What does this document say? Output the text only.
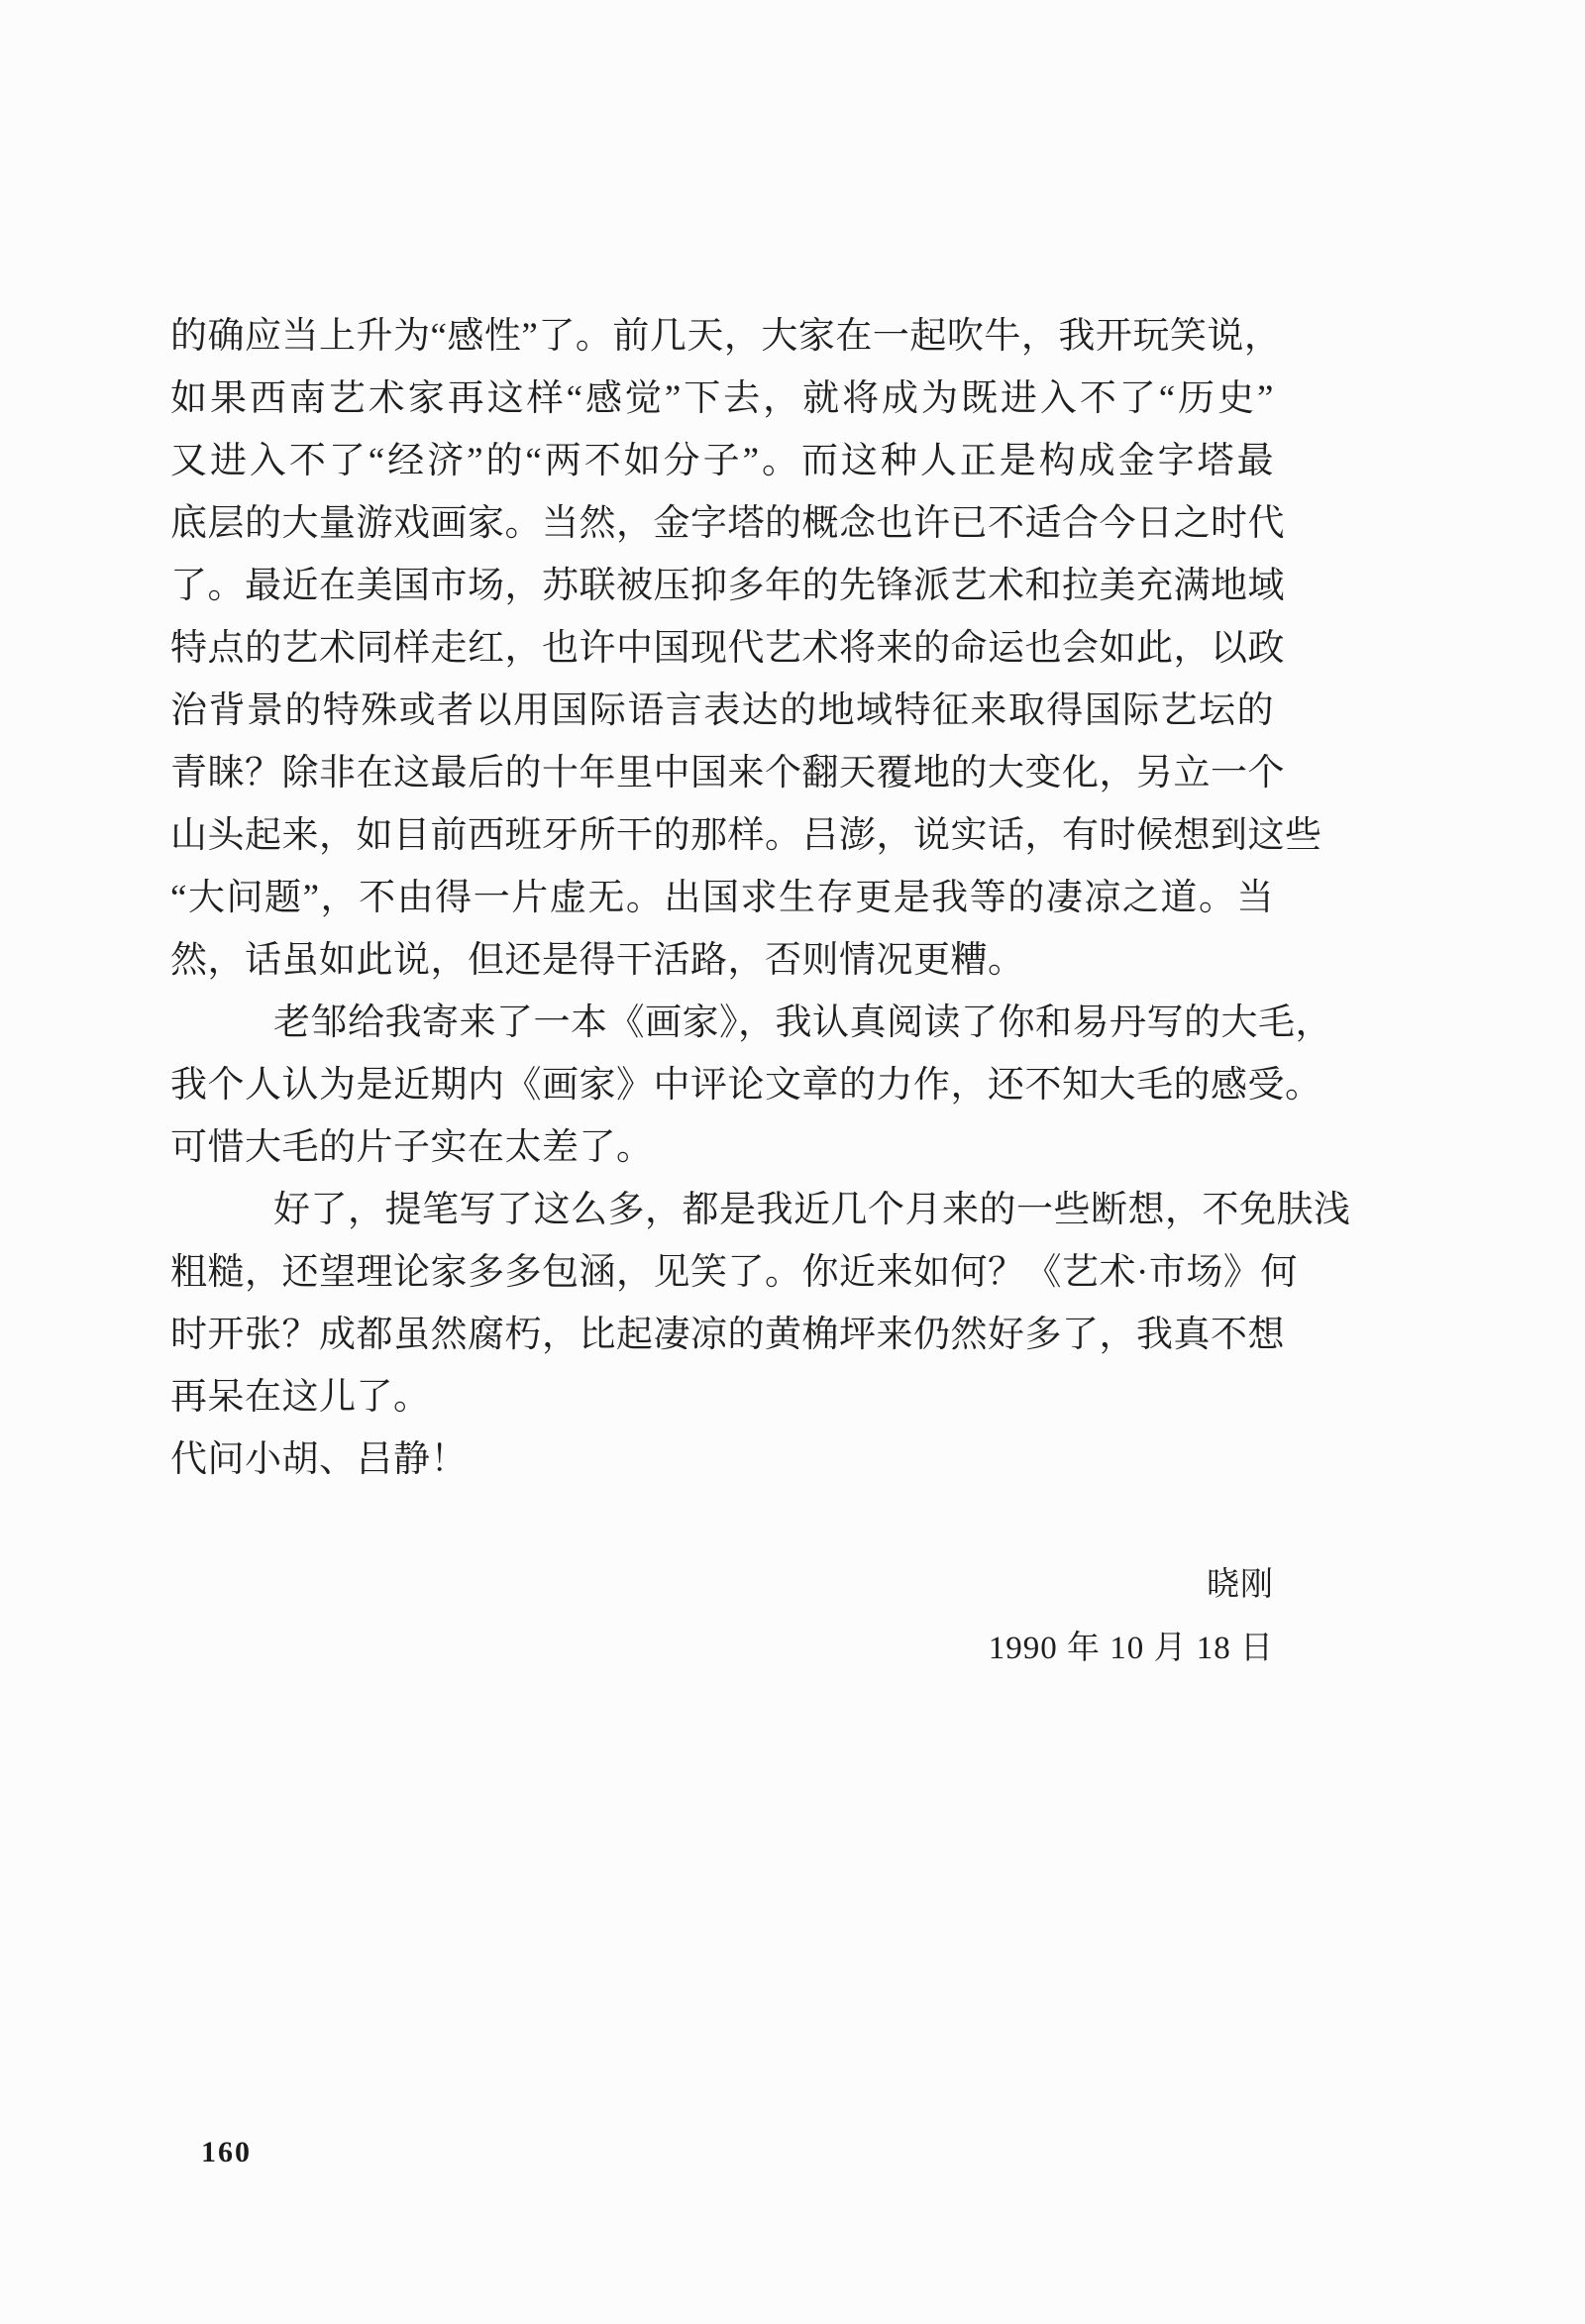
的确应当上升为“感性”了。前几天，大家在一起吹牛，我开玩笑说，

如果西南艺术家再这样“感觉”下去，就将成为既进入不了“历史”

又进入不了“经济”的“两不如分子”。而这种人正是构成金字塔最

底层的大量游戏画家。当然，金字塔的概念也许已不适合今日之时代

了。最近在美国市场，苏联被压抑多年的先锋派艺术和拉美充满地域

特点的艺术同样走红，也许中国现代艺术将来的命运也会如此，以政

治背景的特殊或者以用国际语言表达的地域特征来取得国际艺坛的

青睐？除非在这最后的十年里中国来个翻天覆地的大变化，另立一个

山头起来，如目前西班牙所干的那样。吕澎，说实话，有时候想到这些

“大问题”，不由得一片虚无。出国求生存更是我等的凄凉之道。当

然，话虽如此说，但还是得干活路，否则情况更糟。

老邹给我寄来了一本《画家》，我认真阅读了你和易丹写的大毛，

我个人认为是近期内《画家》中评论文章的力作，还不知大毛的感受。

可惜大毛的片子实在太差了。

好了，提笔写了这么多，都是我近几个月来的一些断想，不免肤浅

粗糙，还望理论家多多包涵，见笑了。你近来如何？《艺术·市场》何

时开张？成都虽然腐朽，比起凄凉的黄桷坪来仍然好多了，我真不想

再呆在这儿了。

代问小胡、吕静！

晓刚

1990 年 10 月 18 日

160
